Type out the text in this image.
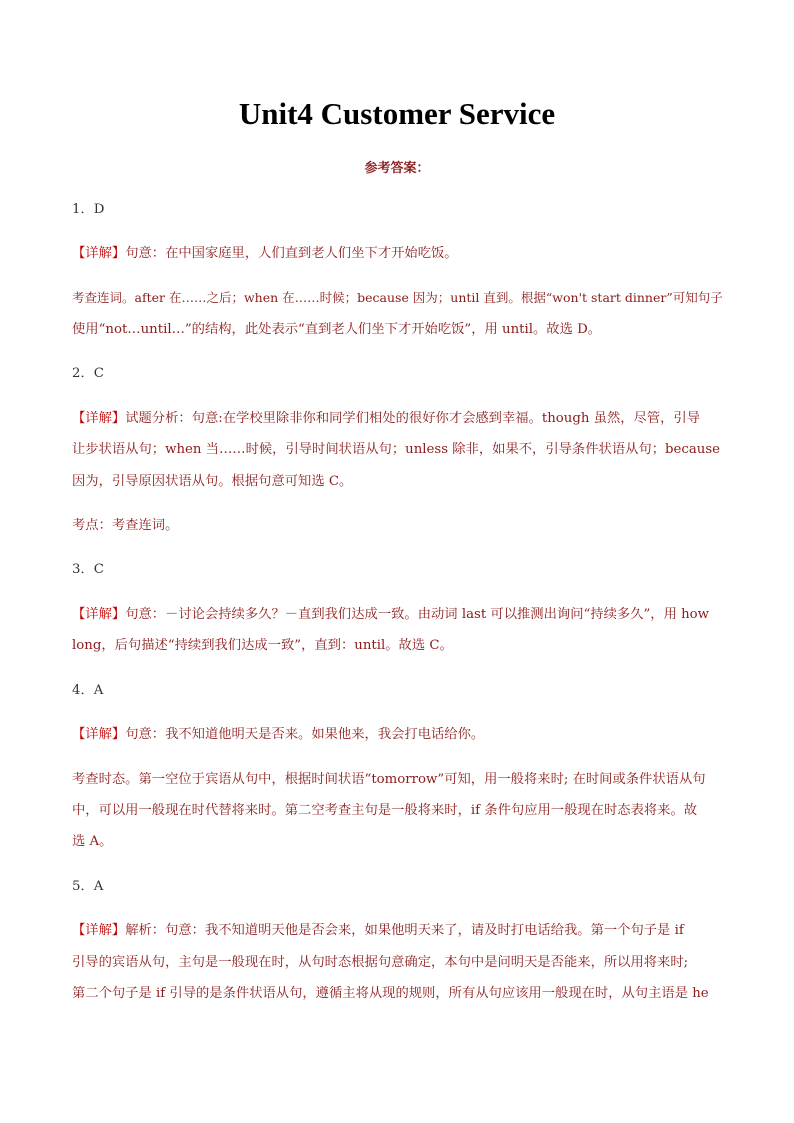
Unit4 Customer Service
参考答案：
1．D
【详解】句意：在中国家庭里，人们直到老人们坐下才开始吃饭。
考查连词。after 在……之后；when 在……时候；because 因为；until 直到。根据“won't start dinner”可知句子
使用“not…until…”的结构，此处表示“直到老人们坐下才开始吃饭”，用 until。故选 D。
2．C
【详解】试题分析：句意:在学校里除非你和同学们相处的很好你才会感到幸福。though 虽然，尽管，引导
让步状语从句；when 当……时候，引导时间状语从句；unless 除非，如果不，引导条件状语从句；because
因为，引导原因状语从句。根据句意可知选 C。
考点：考查连词。
3．C
【详解】句意：－讨论会持续多久？－直到我们达成一致。由动词 last 可以推测出询问“持续多久”，用 how
long，后句描述“持续到我们达成一致”，直到：until。故选 C。
4．A
【详解】句意：我不知道他明天是否来。如果他来，我会打电话给你。
考查时态。第一空位于宾语从句中，根据时间状语“tomorrow”可知，用一般将来时; 在时间或条件状语从句
中，可以用一般现在时代替将来时。第二空考查主句是一般将来时，if 条件句应用一般现在时态表将来。故
选 A。
5．A
【详解】解析：句意：我不知道明天他是否会来，如果他明天来了，请及时打电话给我。第一个句子是 if
引导的宾语从句，主句是一般现在时，从句时态根据句意确定，本句中是问明天是否能来，所以用将来时;
第二个句子是 if 引导的是条件状语从句，遵循主将从现的规则，所有从句应该用一般现在时，从句主语是 he
